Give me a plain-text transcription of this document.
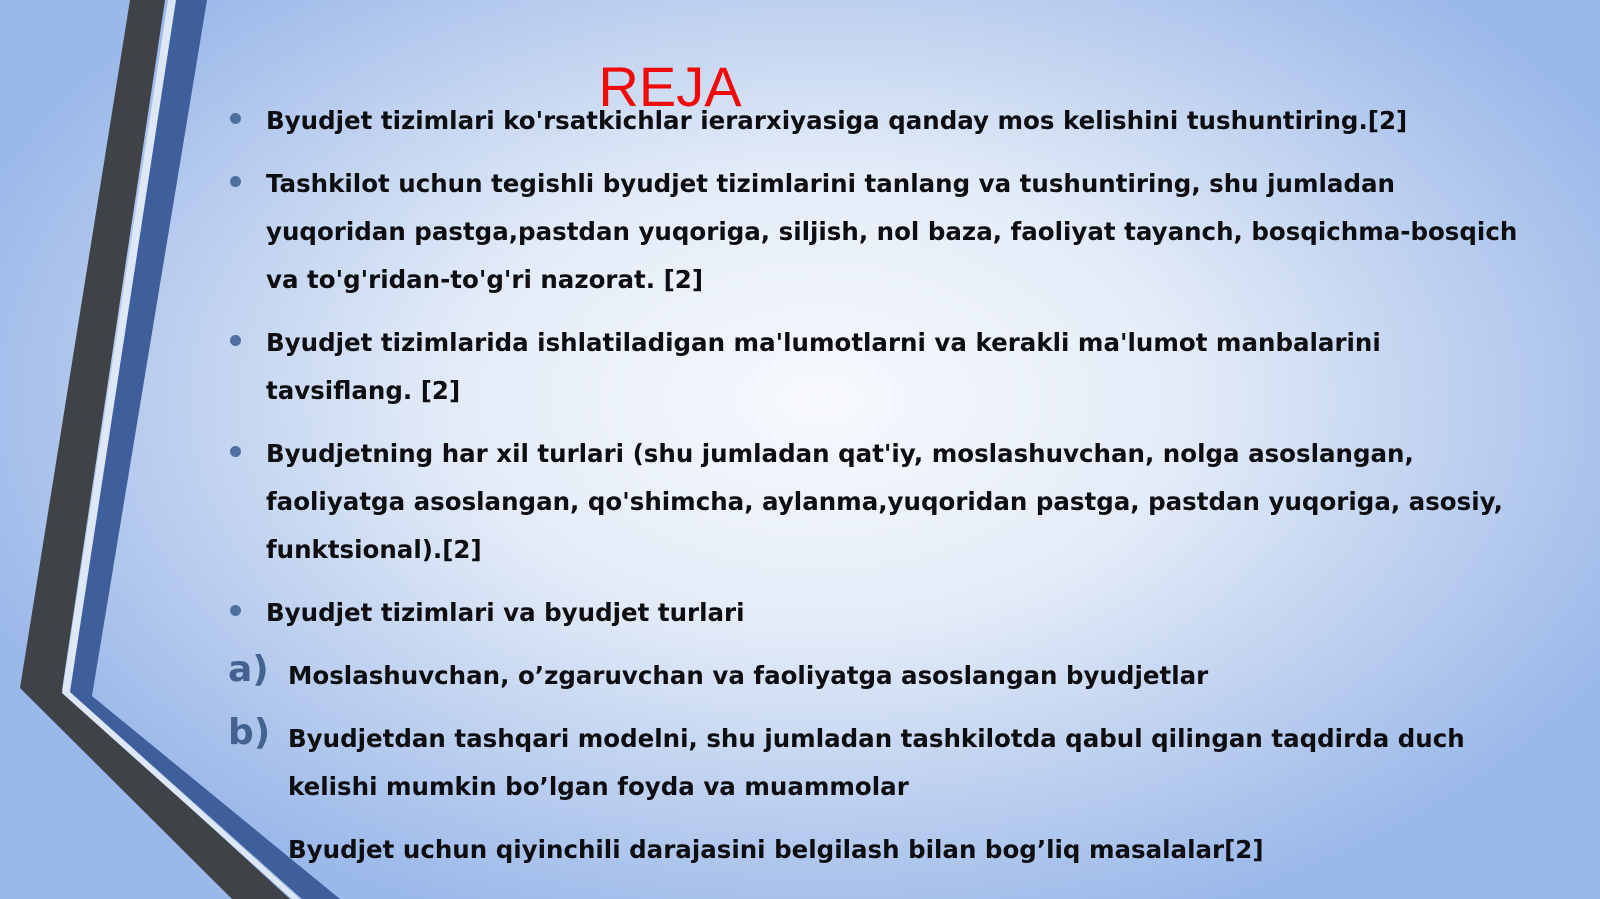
REJA
Byudjet tizimlari ko'rsatkichlar ierarxiyasiga qanday mos kelishini tushuntiring.[2]
Tashkilot uchun tegishli byudjet tizimlarini tanlang va tushuntiring, shu jumladan yuqoridan pastga,pastdan yuqoriga, siljish, nol baza, faoliyat tayanch, bosqichma-bosqich va to'g'ridan-to'g'ri nazorat. [2]
Byudjet tizimlarida ishlatiladigan ma'lumotlarni va kerakli ma'lumot manbalarini tavsiflang. [2]
Byudjetning har xil turlari (shu jumladan qat'iy, moslashuvchan, nolga asoslangan, faoliyatga asoslangan, qo'shimcha, aylanma,yuqoridan pastga, pastdan yuqoriga, asosiy, funktsional).[2]
Byudjet tizimlari va byudjet turlari
a) Moslashuvchan, o’zgaruvchan va faoliyatga asoslangan byudjetlar
b) Byudjetdan tashqari modelni, shu jumladan tashkilotda qabul qilingan taqdirda duch kelishi mumkin bo’lgan foyda va muammolar
Byudjet uchun qiyinchili darajasini belgilash bilan bog’liq masalalar[2]
